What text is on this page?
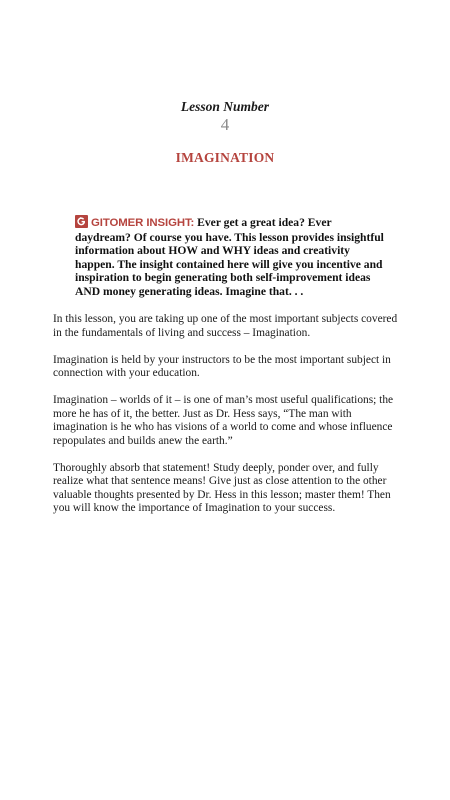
Lesson Number
4
IMAGINATION
GITOMER INSIGHT: Ever get a great idea? Ever daydream? Of course you have. This lesson provides insightful information about HOW and WHY ideas and creativity happen. The insight contained here will give you incentive and inspiration to begin generating both self-improvement ideas AND money generating ideas. Imagine that. . .

In this lesson, you are taking up one of the most important subjects covered in the fundamentals of living and success – Imagination.

Imagination is held by your instructors to be the most important subject in connection with your education.

Imagination – worlds of it – is one of man’s most useful qualifications; the more he has of it, the better. Just as Dr. Hess says, “The man with imagination is he who has visions of a world to come and whose influence repopulates and builds anew the earth.”

Thoroughly absorb that statement! Study deeply, ponder over, and fully realize what that sentence means! Give just as close attention to the other valuable thoughts presented by Dr. Hess in this lesson; master them! Then you will know the importance of Imagination to your success.
